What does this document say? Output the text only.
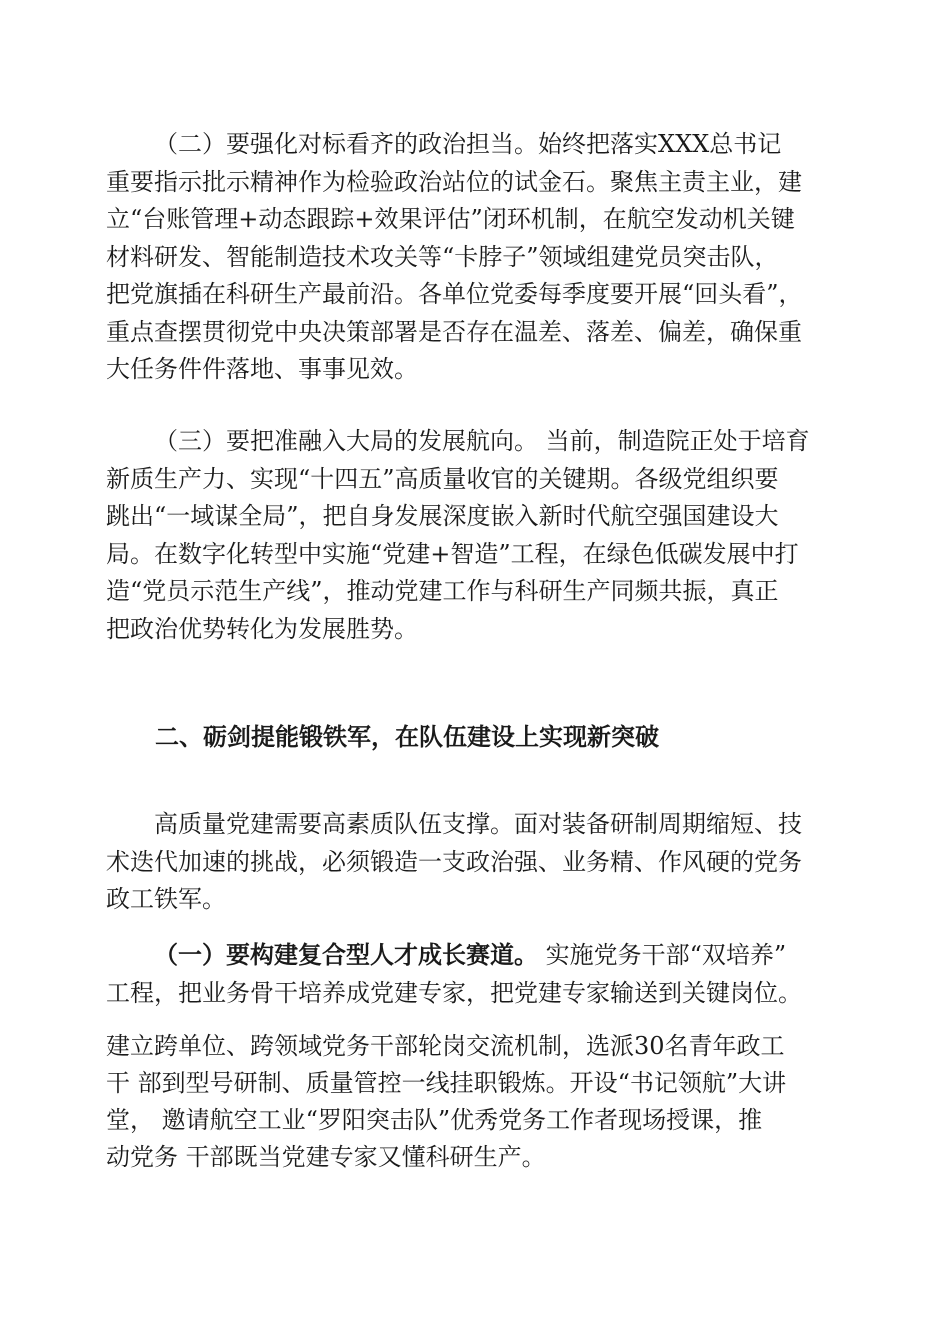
（二）要强化对标看齐的政治担当。始终把落实XXX总书记
重要指示批示精神作为检验政治站位的试金石。聚焦主责主业，建
立“台账管理+动态跟踪+效果评估”闭环机制，在航空发动机关键
材料研发、智能制造技术攻关等“卡脖子”领域组建党员突击队，
把党旗插在科研生产最前沿。各单位党委每季度要开展“回头看”，
重点查摆贯彻党中央决策部署是否存在温差、落差、偏差，确保重
大任务件件落地、事事见效。
（三）要把准融入大局的发展航向。 当前，制造院正处于培育
新质生产力、实现“十四五”高质量收官的关键期。各级党组织要
跳出“一域谋全局”，把自身发展深度嵌入新时代航空强国建设大
局。在数字化转型中实施“党建+智造”工程，在绿色低碳发展中打
造“党员示范生产线”，推动党建工作与科研生产同频共振，真正
把政治优势转化为发展胜势。
二、砺剑提能锻铁军，在队伍建设上实现新突破
高质量党建需要高素质队伍支撑。面对装备研制周期缩短、技
术迭代加速的挑战，必须锻造一支政治强、业务精、作风硬的党务
政工铁军。
（一）要构建复合型人才成长赛道。 实施党务干部“双培养”
工程，把业务骨干培养成党建专家，把党建专家输送到关键岗位。
建立跨单位、跨领域党务干部轮岗交流机制，选派30名青年政工
干 部到型号研制、质量管控一线挂职锻炼。开设“书记领航”大讲
堂， 邀请航空工业“罗阳突击队”优秀党务工作者现场授课，推
动党务 干部既当党建专家又懂科研生产。
